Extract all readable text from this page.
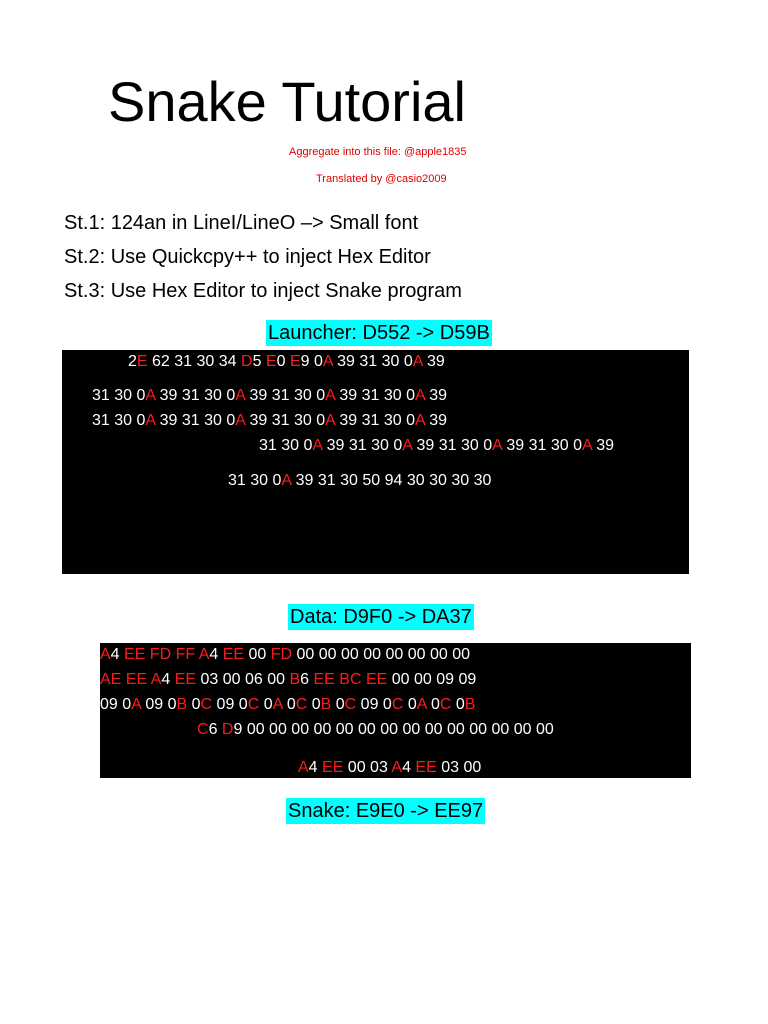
Snake Tutorial
Aggregate into this file: @apple1835
Translated by @casio2009
St.1: 124an in LineI/LineO –> Small font
St.2: Use Quickcpy++ to inject Hex Editor
St.3: Use Hex Editor to inject Snake program
Launcher: D552 -> D59B
2E 62 31 30 34 D5 E0 E9 0A 39 31 30 0A 39
31 30 0A 39 31 30 0A 39 31 30 0A 39 31 30 0A 39
31 30 0A 39 31 30 0A 39 31 30 0A 39 31 30 0A 39
31 30 0A 39 31 30 0A 39 31 30 0A 39 31 30 0A 39
31 30 0A 39 31 30 50 94 30 30 30 30
Data: D9F0 -> DA37
A4 EE FD FF A4 EE 00 FD 00 00 00 00 00 00 00 00
AE EE A4 EE 03 00 06 00 B6 EE BC EE 00 00 09 09
09 0A 09 0B 0C 09 0C 0A 0C 0B 0C 09 0C 0A 0C 0B
C6 D9 00 00 00 00 00 00 00 00 00 00 00 00 00 00
A4 EE 00 03 A4 EE 03 00
Snake: E9E0 -> EE97
